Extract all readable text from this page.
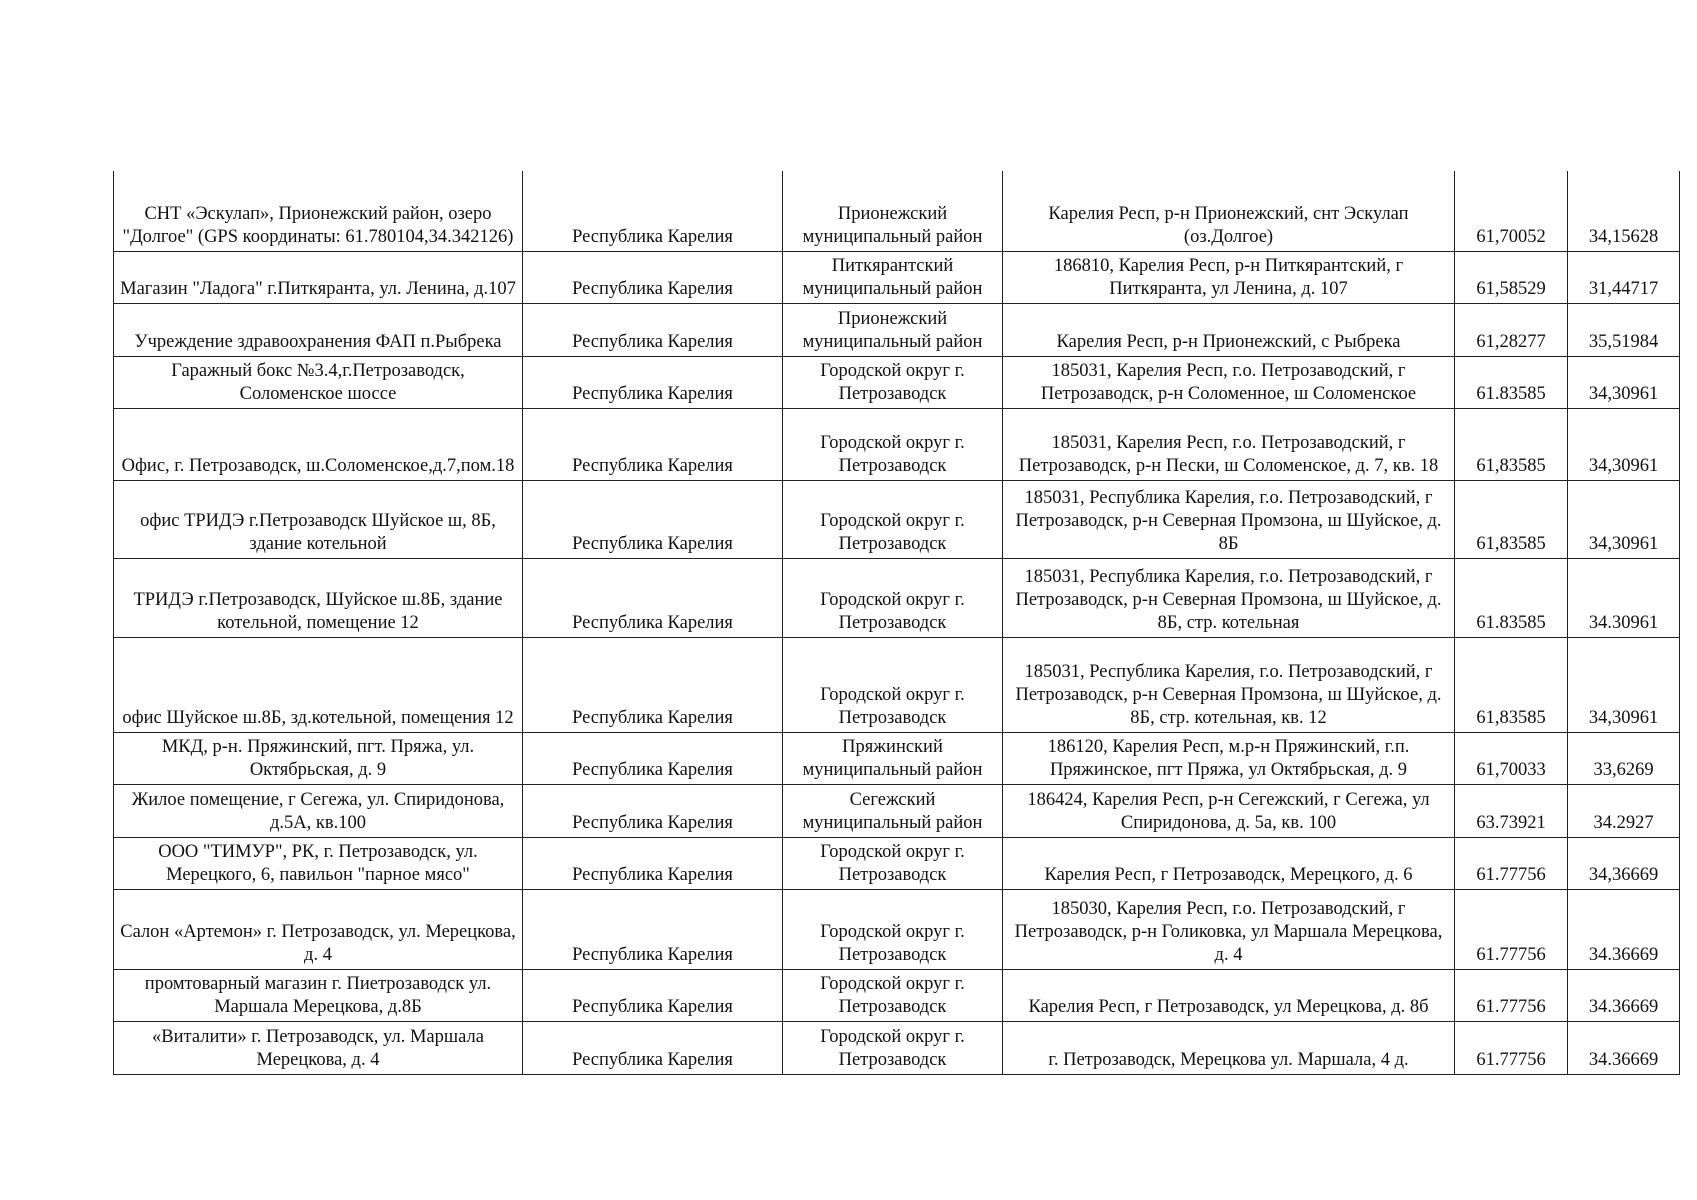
СНТ «Эскулап», Прионежский район, озеро "Долгое" (GPS координаты: 61.780104,34.342126)	Республика Карелия	Прионежский муниципальный район	Карелия Респ, р-н Прионежский, снт Эскулап (оз.Долгое)	61,70052	34,15628
Магазин "Ладога" г.Питкяранта, ул. Ленина, д.107	Республика Карелия	Питкярантский муниципальный район	186810, Карелия Респ, р-н Питкярантский, г Питкяранта, ул Ленина, д. 107	61,58529	31,44717
Учреждение здравоохранения ФАП п.Рыбрека	Республика Карелия	Прионежский муниципальный район	Карелия Респ, р-н Прионежский, с Рыбрека	61,28277	35,51984
Гаражный бокс №3.4,г.Петрозаводск, Соломенское шоссе	Республика Карелия	Городской округ г. Петрозаводск	185031, Карелия Респ, г.о. Петрозаводский, г Петрозаводск, р-н Соломенное, ш Соломенское	61.83585	34,30961
Офис, г. Петрозаводск, ш.Соломенское,д.7,пом.18	Республика Карелия	Городской округ г. Петрозаводск	185031, Карелия Респ, г.о. Петрозаводский, г Петрозаводск, р-н Пески, ш Соломенское, д. 7, кв. 18	61,83585	34,30961
офис ТРИДЭ г.Петрозаводск Шуйское ш, 8Б, здание котельной	Республика Карелия	Городской округ г. Петрозаводск	185031, Республика Карелия, г.о. Петрозаводский, г Петрозаводск, р-н Северная Промзона, ш Шуйское, д. 8Б	61,83585	34,30961
ТРИДЭ г.Петрозаводск, Шуйское ш.8Б, здание котельной, помещение 12	Республика Карелия	Городской округ г. Петрозаводск	185031, Республика Карелия, г.о. Петрозаводский, г Петрозаводск, р-н Северная Промзона, ш Шуйское, д. 8Б, стр. котельная	61.83585	34.30961
офис Шуйское ш.8Б, зд.котельной, помещения 12	Республика Карелия	Городской округ г. Петрозаводск	185031, Республика Карелия, г.о. Петрозаводский, г Петрозаводск, р-н Северная Промзона, ш Шуйское, д. 8Б, стр. котельная, кв. 12	61,83585	34,30961
МКД, р-н. Пряжинский, пгт. Пряжа, ул. Октябрьская, д. 9	Республика Карелия	Пряжинский муниципальный район	186120, Карелия Респ, м.р-н Пряжинский, г.п. Пряжинское, пгт Пряжа, ул Октябрьская, д. 9	61,70033	33,6269
Жилое помещение, г Сегежа, ул. Спиридонова, д.5А, кв.100	Республика Карелия	Сегежский муниципальный район	186424, Карелия Респ, р-н Сегежский, г Сегежа, ул Спиридонова, д. 5а, кв. 100	63.73921	34.2927
ООО "ТИМУР", РК, г. Петрозаводск, ул. Мерецкого, 6, павильон "парное мясо"	Республика Карелия	Городской округ г. Петрозаводск	Карелия Респ, г Петрозаводск, Мерецкого, д. 6	61.77756	34,36669
Салон «Артемон» г. Петрозаводск, ул. Мерецкова, д. 4	Республика Карелия	Городской округ г. Петрозаводск	185030, Карелия Респ, г.о. Петрозаводский, г Петрозаводск, р-н Голиковка, ул Маршала Мерецкова, д. 4	61.77756	34.36669
промтоварный магазин г. Пиетрозаводск ул. Маршала Мерецкова, д.8Б	Республика Карелия	Городской округ г. Петрозаводск	Карелия Респ, г Петрозаводск, ул Мерецкова, д. 8б	61.77756	34.36669
«Виталити» г. Петрозаводск, ул. Маршала Мерецкова, д. 4	Республика Карелия	Городской округ г. Петрозаводск	г. Петрозаводск, Мерецкова ул. Маршала, 4 д.	61.77756	34.36669
